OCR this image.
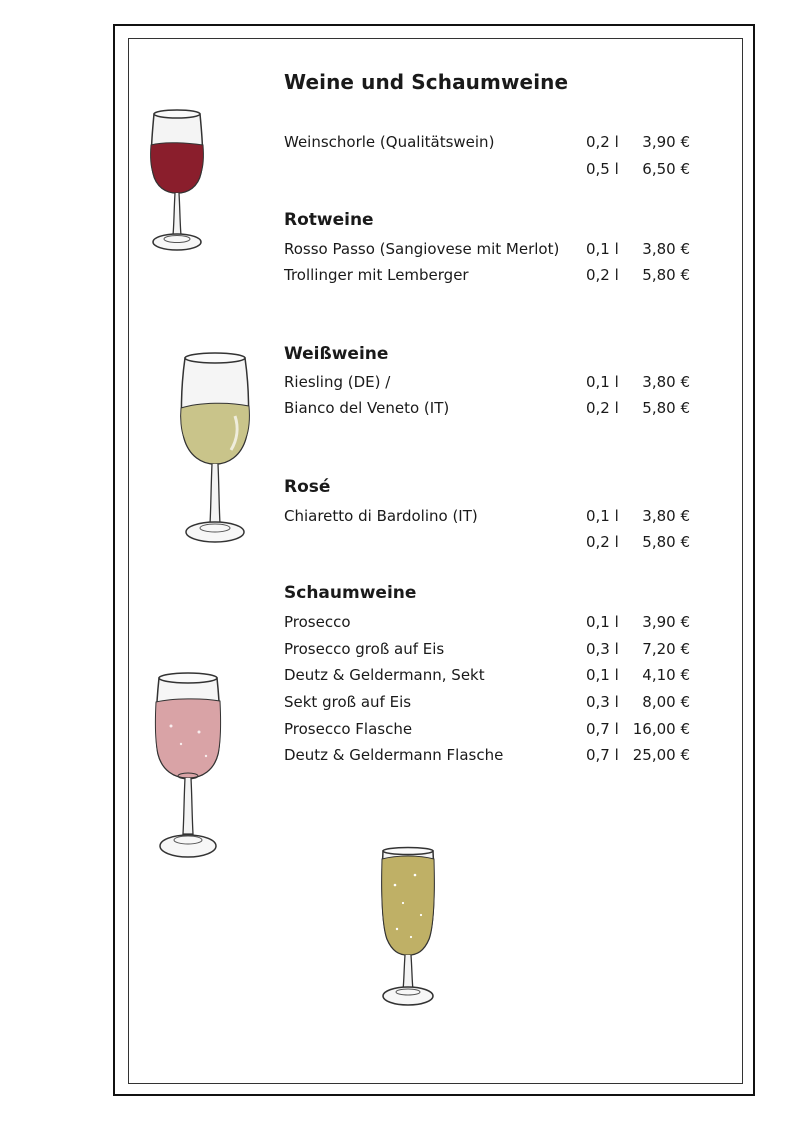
Weine und Schaumweine
Weinschorle (Qualitätswein)	0,2 l 3,90 €
0,5 l 6,50 €
Rotweine
Rosso Passo (Sangiovese mit Merlot) 0,1 l 3,80 €
Trollinger mit Lemberger	0,2 l 5,80 €
Weißweine
Riesling (DE) /	0,1 l 3,80 €
Bianco del Veneto (IT)	0,2 l 5,80 €
Rosé
Chiaretto di Bardolino (IT)	0,1 l 3,80 €
0,2 l 5,80 €
Schaumweine
Prosecco	0,1 l 3,90 €
Prosecco groß auf Eis	0,3 l 7,20 €
Deutz & Geldermann, Sekt	0,1 l 4,10 €
Sekt groß auf Eis	0,3 l 8,00 €
Prosecco Flasche	0,7 l 16,00 €
Deutz & Geldermann Flasche	0,7 l 25,00 €
